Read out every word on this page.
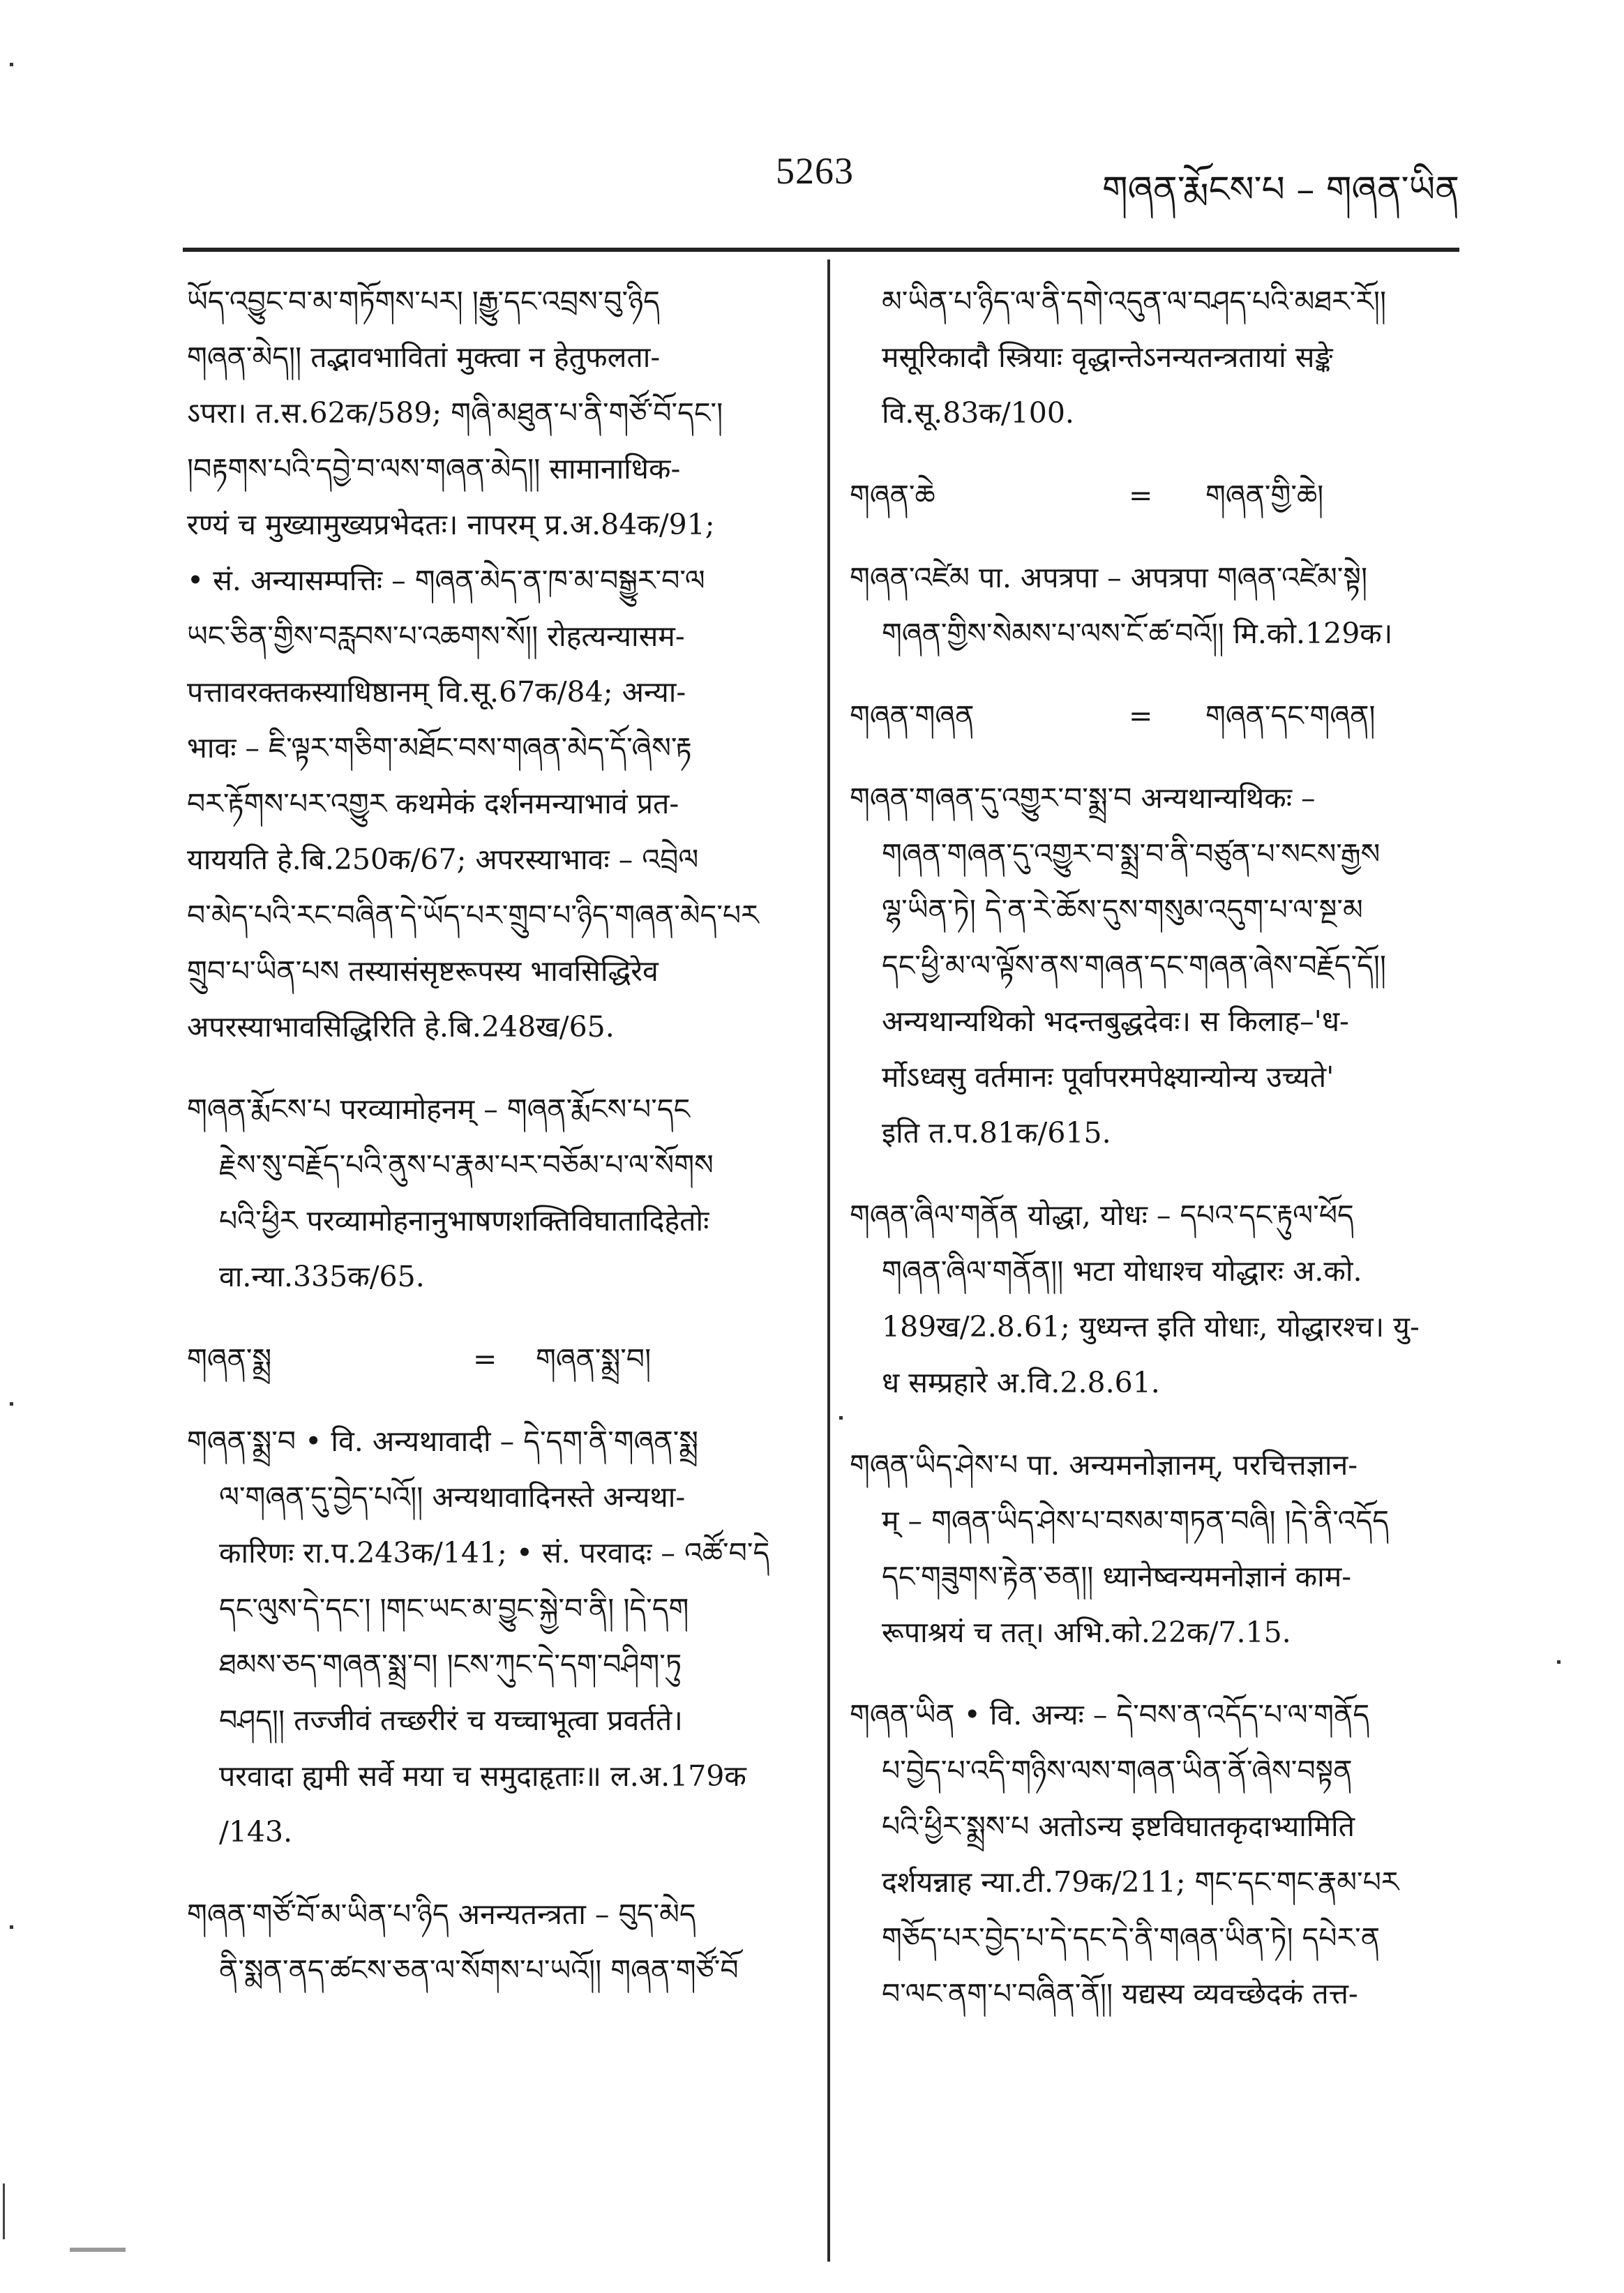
5263	གཞན་རྨོངས་པ – གཞན་ཡིན
ཡོད་འབྱུང་བ་མ་གཏོགས་པར། །རྒྱུ་དང་འབྲས་བུ་ཉིད
གཞན་མེད།། तद्भावभावितां मुक्त्वा न हेतुफलता-
ऽपरा। त.स.62क/589; གཞི་མཐུན་པ་ནི་གཙོ་བོ་དང་།
།བརྟགས་པའི་དབྱེ་བ་ལས་གཞན་མེད།། सामानाधिक-
रण्यं च मुख्यामुख्यप्रभेदतः। नापरम् प्र.अ.84क/91;
• सं. अन्यासम्पत्तिः – གཞན་མེད་ན་ཁ་མ་བསྒྱུར་བ་ལ
ཡང་ཅིན་གྱིས་བརླབས་པ་འཆགས་སོ།། रोहत्यन्यासम-
पत्तावरक्तकस्याधिष्ठानम् वि.सू.67क/84; अन्या-
भावः – ཇི་ལྟར་གཅིག་མཐོང་བས་གཞན་མེད་དོ་ཞེས་རྟ
བར་རྟོགས་པར་འགྱུར कथमेकं दर्शनमन्याभावं प्रत-
याययति हे.बि.250क/67; अपरस्याभावः – འབྲེལ
བ་མེད་པའི་རང་བཞིན་དེ་ཡོད་པར་གྲུབ་པ་ཉིད་གཞན་མེད་པར
གྲུབ་པ་ཡིན་པས तस्यासंसृष्टरूपस्य भावसिद्धिरेव
अपरस्याभावसिद्धिरिति हे.बि.248ख/65.
གཞན་རྨོངས་པ परव्यामोहनम् – གཞན་རྨོངས་པ་དང
རྗེས་སུ་བརྗོད་པའི་ནུས་པ་རྣམ་པར་བཅོམ་པ་ལ་སོགས
པའི་ཕྱིར परव्यामोहनानुभाषणशक्तिविघातादिहेतोः
वा.न्या.335क/65.
གཞན་སྨྲ	=	གཞན་སྨྲ་བ།
གཞན་སྨྲ་བ • वि. अन्यथावादी – དེ་དག་ནི་གཞན་སྨྲ
ལ་གཞན་དུ་བྱེད་པའོ།། अन्यथावादिनस्ते अन्यथा-
कारिणः रा.प.243क/141; • सं. परवादः – འཚོ་བ་དེ
དང་ལུས་དེ་དང་། །གང་ཡང་མ་བྱུང་སྐྱེ་བ་ནི། །དེ་དག
ཐམས་ཅད་གཞན་སྨྲ་བ། །ངས་ཀུང་དེ་དག་བཤིག་ཏུ
བཤད།། तज्जीवं तच्छरीरं च यच्चाभूत्वा प्रवर्तते।
परवादा ह्यमी सर्वे मया च समुदाहृताः॥ ल.अ.179क
/143.
གཞན་གཙོ་བོ་མ་ཡིན་པ་ཉིད अनन्यतन्त्रता – བུད་མེད
ནི་སྨན་ནད་ཚངས་ཅན་ལ་སོགས་པ་ཡའོ།། གཞན་གཙོ་བོ
མ་ཡིན་པ་ཉིད་ལ་ནི་དགེ་འདུན་ལ་བཤད་པའི་མཐར་རོ།།
मसूरिकादौ स्त्रियाः वृद्धान्तेऽनन्यतन्त्रतायां सङ्के
वि.सू.83क/100.
གཞན་ཆེ	=	གཞན་གྱི་ཆེ།
གཞན་འཛེམ पा. अपत्रपा – अपत्रपा གཞན་འཛེམ་སྟེ།
གཞན་གྱིས་སེམས་པ་ལས་ངོ་ཚ་བའོ།། मि.को.129क।
གཞན་གཞན	=	གཞན་དང་གཞན།
གཞན་གཞན་དུ་འགྱུར་བ་སྨྲ་བ अन्यथान्यथिकः –
གཞན་གཞན་དུ་འགྱུར་བ་སྨྲ་བ་ནི་བཙུན་པ་སངས་རྒྱས
ལྷ་ཡིན་ཏེ། དེ་ན་རེ་ཆོས་དུས་གསུམ་འདུག་པ་ལ་སྔ་མ
དང་ཕྱི་མ་ལ་ལྟོས་ནས་གཞན་དང་གཞན་ཞེས་བརྗོད་དོ།།
अन्यथान्यथिको भदन्तबुद्धदेवः। स किलाह–'ध-
र्मोऽध्वसु वर्तमानः पूर्वापरमपेक्ष्यान्योन्य उच्यते'
इति त.प.81क/615.
གཞན་ཞིལ་གནོན योद्धा, योधः – དཔའ་དང་རྟུལ་ཕོད
གཞན་ཞིལ་གནོན།། भटा योधाश्च योद्धारः अ.को.
189ख/2.8.61; युध्यन्त इति योधाः, योद्धारश्च। यु-
ध सम्प्रहारे अ.वि.2.8.61.
གཞན་ཡིད་ཤེས་པ पा. अन्यमनोज्ञानम्, परचित्तज्ञान-
म् – གཞན་ཡིད་ཤེས་པ་བསམ་གཏན་བཞི། །དེ་ནི་འདོད
དང་གཟུགས་རྟེན་ཅན།། ध्यानेष्वन्यमनोज्ञानं काम-
रूपाश्रयं च तत्। अभि.को.22क/7.15.
གཞན་ཡིན • वि. अन्यः – དེ་བས་ན་འདོད་པ་ལ་གནོད
པ་བྱེད་པ་འདི་གཉིས་ལས་གཞན་ཡིན་ནོ་ཞེས་བསྟན
པའི་ཕྱིར་སྨྲས་པ अतोऽन्य इष्टविघातकृदाभ्यामिति
दर्शयन्नाह न्या.टी.79क/211; གང་དང་གང་རྣམ་པར
གཅོད་པར་བྱེད་པ་དེ་དང་དེ་ནི་གཞན་ཡིན་ཏེ། དཔེར་ན
བ་ལང་ནག་པ་བཞིན་ནོ།། यद्यस्य व्यवच्छेदकं तत्त-
